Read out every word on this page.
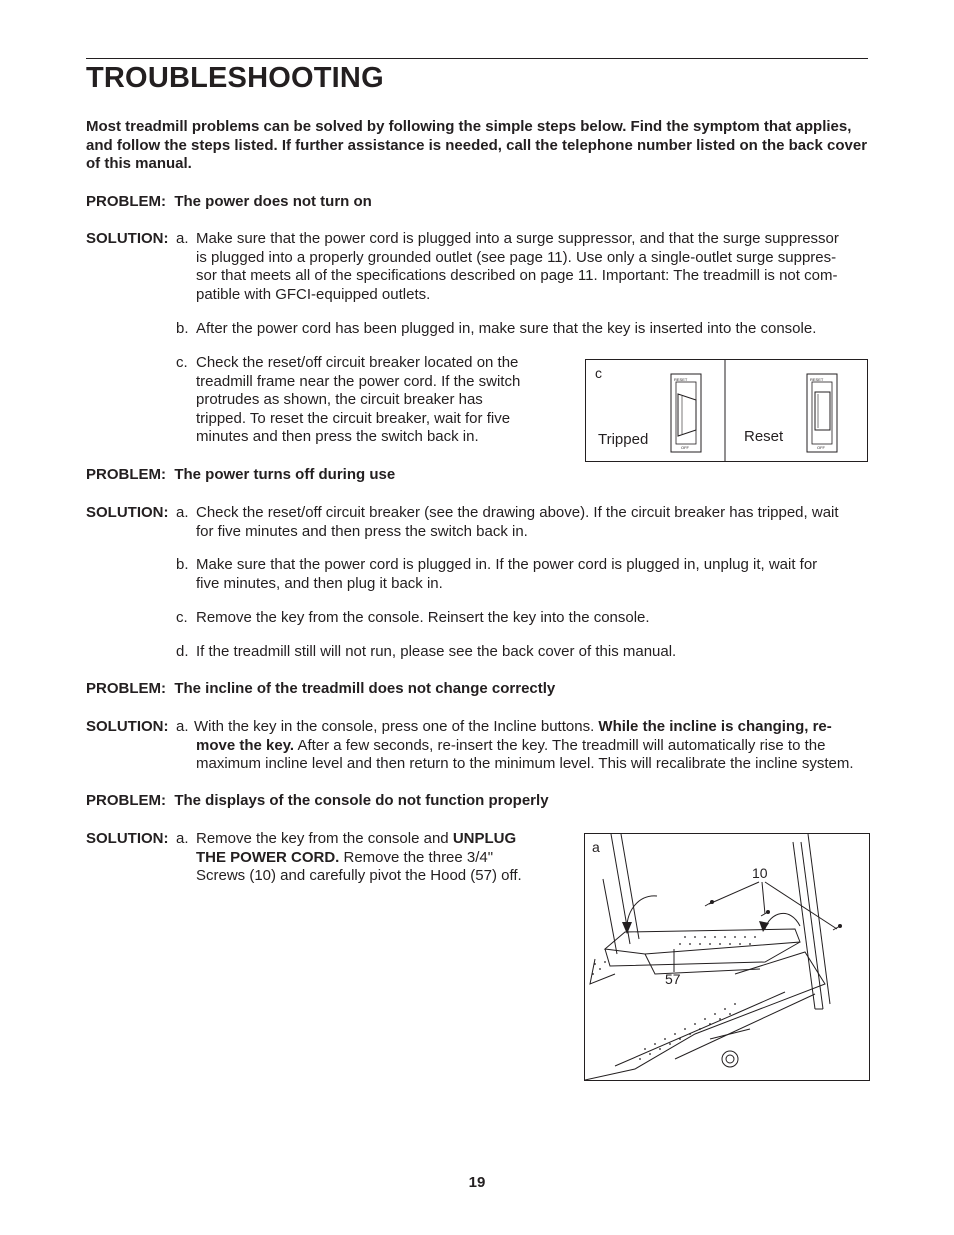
TROUBLESHOOTING
Most treadmill problems can be solved by following the simple steps below. Find the symptom that applies, and follow the steps listed. If further assistance is needed, call the telephone number listed on the back cover of this manual.
PROBLEM: The power does not turn on
SOLUTION: a. Make sure that the power cord is plugged into a surge suppressor, and that the surge suppressor
is plugged into a properly grounded outlet (see page 11). Use only a single-outlet surge suppres-
sor that meets all of the specifications described on page 11. Important: The treadmill is not com-
patible with GFCI-equipped outlets.
b. After the power cord has been plugged in, make sure that the key is inserted into the console.
c. Check the reset/off circuit breaker located on the
treadmill frame near the power cord. If the switch
protrudes as shown, the circuit breaker has
tripped. To reset the circuit breaker, wait for five
minutes and then press the switch back in.
c
Tripped	Reset
RESET
OFF
RESET
OFF
PROBLEM: The power turns off during use
SOLUTION: a. Check the reset/off circuit breaker (see the drawing above). If the circuit breaker has tripped, wait
for five minutes and then press the switch back in.
b. Make sure that the power cord is plugged in. If the power cord is plugged in, unplug it, wait for
five minutes, and then plug it back in.
c. Remove the key from the console. Reinsert the key into the console.
d. If the treadmill still will not run, please see the back cover of this manual.
PROBLEM: The incline of the treadmill does not change correctly
SOLUTION: a. With the key in the console, press one of the Incline buttons. While the incline is changing, re-
move the key. After a few seconds, re-insert the key. The treadmill will automatically rise to the
maximum incline level and then return to the minimum level. This will recalibrate the incline system.
PROBLEM: The displays of the console do not function properly
SOLUTION: a. Remove the key from the console and UNPLUG
THE POWER CORD. Remove the three 3/4"
Screws (10) and carefully pivot the Hood (57) off.
a
10
57
19
